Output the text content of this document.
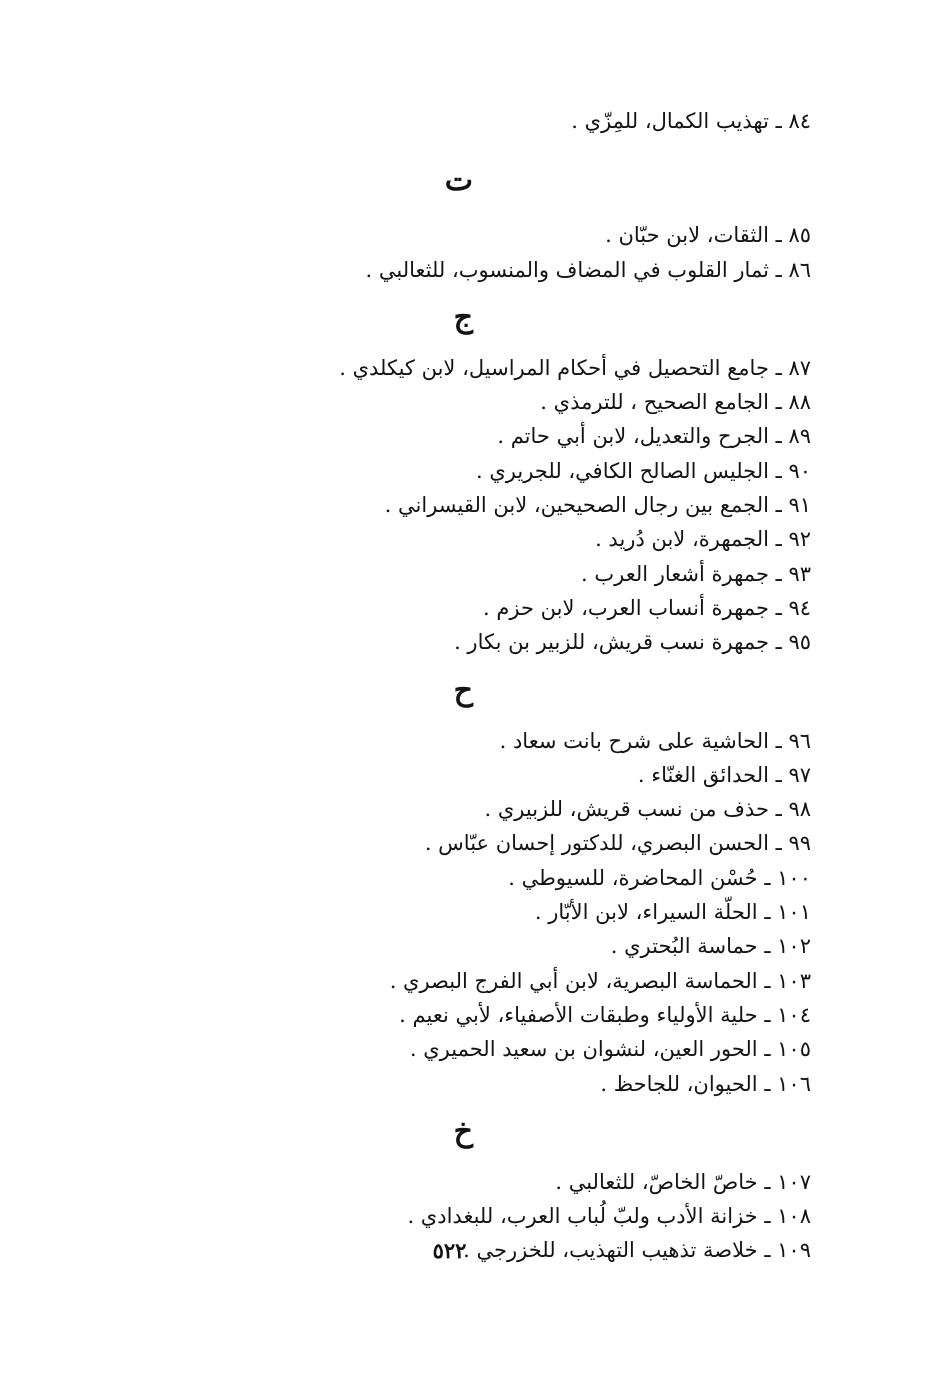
٨٤ ـ تهذيب الكمال، للمِزّي .
ت
٨٥ ـ الثقات، لابن حبّان .
٨٦ ـ ثمار القلوب في المضاف والمنسوب، للثعالبي .
ج
٨٧ ـ جامع التحصيل في أحكام المراسيل، لابن كيكلدي .
٨٨ ـ الجامع الصحيح ، للترمذي .
٨٩ ـ الجرح والتعديل، لابن أبي حاتم .
٩٠ ـ الجليس الصالح الكافي، للجريري .
٩١ ـ الجمع بين رجال الصحيحين، لابن القيسراني .
٩٢ ـ الجمهرة، لابن دُريد .
٩٣ ـ جمهرة أشعار العرب .
٩٤ ـ جمهرة أنساب العرب، لابن حزم .
٩٥ ـ جمهرة نسب قريش، للزبير بن بكار .
ح
٩٦ ـ الحاشية على شرح بانت سعاد .
٩٧ ـ الحدائق الغنّاء .
٩٨ ـ حذف من نسب قريش، للزبيري .
٩٩ ـ الحسن البصري، للدكتور إحسان عبّاس .
١٠٠ ـ حُسْن المحاضرة، للسيوطي .
١٠١ ـ الحلّة السيراء، لابن الأبّار .
١٠٢ ـ حماسة البُحتري .
١٠٣ ـ الحماسة البصرية، لابن أبي الفرج البصري .
١٠٤ ـ حلية الأولياء وطبقات الأصفياء، لأبي نعيم .
١٠٥ ـ الحور العين، لنشوان بن سعيد الحميري .
١٠٦ ـ الحيوان، للجاحظ .
خ
١٠٧ ـ خاصّ الخاصّ، للثعالبي .
١٠٨ ـ خزانة الأدب ولبّ لُباب العرب، للبغدادي .
١٠٩ ـ خلاصة تذهيب التهذيب، للخزرجي .
٥٢٢
